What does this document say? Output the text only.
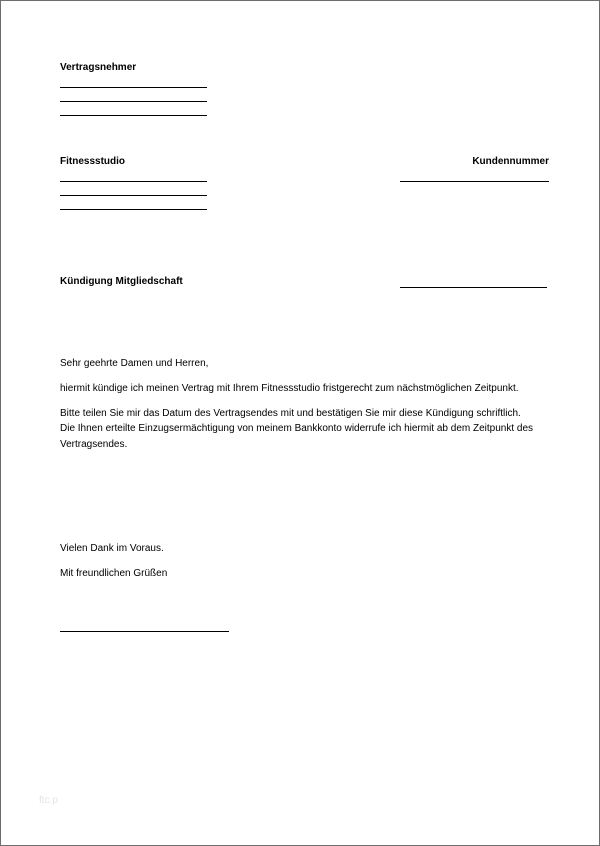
Vertragsnehmer
Fitnessstudio	Kundennummer
Kündigung Mitgliedschaft
Sehr geehrte Damen und Herren,
hiermit kündige ich meinen Vertrag mit Ihrem Fitnessstudio fristgerecht zum nächstmöglichen Zeitpunkt.
Bitte teilen Sie mir das Datum des Vertragsendes mit und bestätigen Sie mir diese Kündigung schriftlich.
Die Ihnen erteilte Einzugsermächtigung von meinem Bankkonto widerrufe ich hiermit ab dem Zeitpunkt des Vertragsendes.
Vielen Dank im Voraus.
Mit freundlichen Grüßen
ftc.p
